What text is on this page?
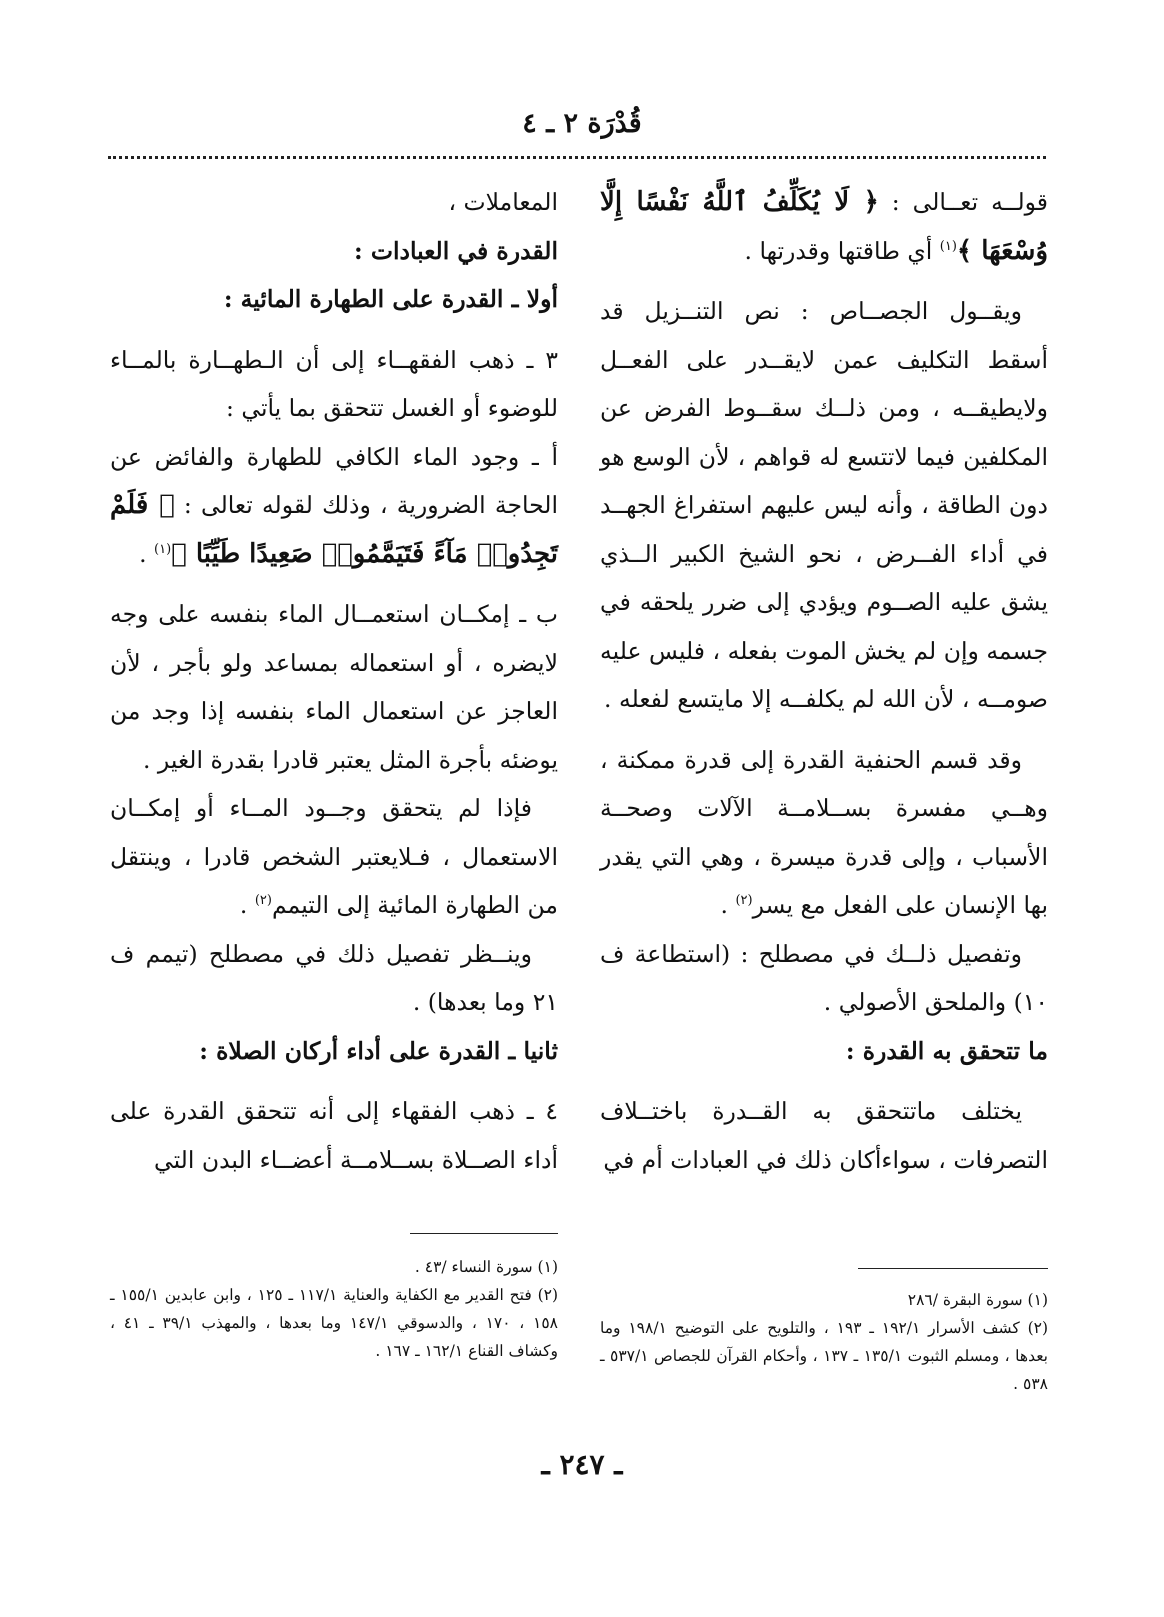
قُدْرَة ٢ ـ ٤

قولــه تعــالى : ﴿ لَا يُكَلِّفُ ٱللَّهُ نَفْسًا إِلَّا وُسْعَهَا ﴾$^{(١)}$ أي طاقتها وقدرتها .

ويقــول الجصــاص : نص التنــزيل قد أسقط التكليف عمن لايقــدر على الفعــل ولايطيقــه ، ومن ذلــك سقــوط الفرض عن المكلفين فيما لاتتسع له قواهم ، لأن الوسع هو دون الطاقة ، وأنه ليس عليهم استفراغ الجهــد في أداء الفــرض ، نحو الشيخ الكبير الــذي يشق عليه الصــوم ويؤدي إلى ضرر يلحقه في جسمه وإن لم يخش الموت بفعله ، فليس عليه صومــه ، لأن الله لم يكلفــه إلا مايتسع لفعله .

وقد قسم الحنفية القدرة إلى قدرة ممكنة ، وهــي مفسرة بســلامــة الآلات وصحــة الأسباب ، وإلى قدرة ميسرة ، وهي التي يقدر بها الإنسان على الفعل مع يسر$^{(٢)}$ .

وتفصيل ذلــك في مصطلح : (استطاعة ف ١٠) والملحق الأصولي .

ما تتحقق به القدرة :

يختلف ماتتحقق به القــدرة باختــلاف التصرفات ، سواءأكان ذلك في العبادات أم في

المعاملات ،

القدرة في العبادات :

أولا ـ القدرة على الطهارة المائية :

٣ ـ ذهب الفقهــاء إلى أن الـطهــارة بالمــاء للوضوء أو الغسل تتحقق بما يأتي :

أ ـ وجود الماء الكافي للطهارة والفائض عن الحاجة الضرورية ، وذلك لقوله تعالى : ﴿ فَلَمْ تَجِدُوا۟ مَآءً فَتَيَمَّمُوا۟ صَعِيدًا طَيِّبًا ﴾$^{(١)}$ .

ب ـ إمكــان استعمــال الماء بنفسه على وجه لايضره ، أو استعماله بمساعد ولو بأجر ، لأن العاجز عن استعمال الماء بنفسه إذا وجد من يوضئه بأجرة المثل يعتبر قادرا بقدرة الغير .

فإذا لم يتحقق وجــود المــاء أو إمكــان الاستعمال ، فـلايعتبر الشخص قادرا ، وينتقل من الطهارة المائية إلى التيمم$^{(٢)}$ .

وينــظر تفصيل ذلك في مصطلح (تيمم ف ٢١ وما بعدها) .

ثانيا ـ القدرة على أداء أركان الصلاة :

٤ ـ ذهب الفقهاء إلى أنه تتحقق القدرة على أداء الصــلاة بســلامــة أعضــاء البدن التي

(١) سورة البقرة /٢٨٦

(٢) كشف الأسرار ١٩٢/١ ـ ١٩٣ ، والتلويح على التوضيح ١٩٨/١ وما بعدها ، ومسلم الثبوت ١٣٥/١ ـ ١٣٧ ، وأحكام القرآن للجصاص ٥٣٧/١ ـ ٥٣٨ .

(١) سورة النساء /٤٣ .

(٢) فتح القدير مع الكفاية والعناية ١١٧/١ ـ ١٢٥ ، وابن عابدين ١٥٥/١ ـ ١٥٨ ، ١٧٠ ، والدسوقي ١٤٧/١ وما بعدها ، والمهذب ٣٩/١ ـ ٤١ ، وكشاف القناع ١٦٢/١ ـ ١٦٧ .

ـ ٢٤٧ ـ
